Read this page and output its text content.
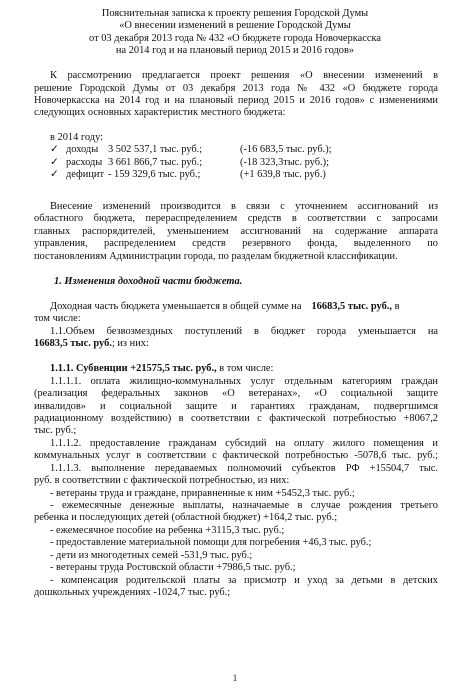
Пояснительная записка к проекту решения Городской Думы
«О внесении изменений в решение Городской Думы
от 03 декабря 2013 года № 432 «О бюджете города Новочеркасска
на 2014 год и на плановый период 2015 и 2016 годов»
К рассмотрению предлагается проект решения «О внесении изменений в
решение Городской Думы от 03 декабря 2013 года № 432 «О бюджете города
Новочеркасска на 2014 год и на плановый период 2015 и 2016 годов» с изменениями
следующих основных характеристик местного бюджета:
в 2014 году:
✓ доходы 3 502 537,1 тыс. руб.;	(-16 683,5 тыс. руб.);
✓ расходы 3 661 866,7 тыс. руб.;	(-18 323,3тыс. руб.);
✓ дефицит - 159 329,6 тыс. руб.;	(+1 639,8 тыс. руб.)
Внесение изменений производится в связи с уточнением ассигнований из
областного бюджета, перераспределением средств в соответствии с запросами
главных распорядителей, уменьшением ассигнований на содержание аппарата
управления, распределением средств резервного фонда, выделенного по
постановлениям Администрации города, по разделам бюджетной классификации.
1. Изменения доходной части бюджета.
Доходная часть бюджета уменьшается в общей сумме на 16683,5 тыс. руб., в
том числе:
1.1.Объем безвозмездных поступлений в бюджет города уменьшается на
16683,5 тыс. руб.; из них:
1.1.1. Субвенции +21575,5 тыс. руб., в том числе:
1.1.1.1. оплата жилищно-коммунальных услуг отдельным категориям граждан
(реализация федеральных законов «О ветеранах», «О социальной защите
инвалидов» и социальной защите и гарантиях гражданам, подвергшимся
радиационному воздействию) в соответствии с фактической потребностью +8067,2
тыс. руб.;
1.1.1.2. предоставление гражданам субсидий на оплату жилого помещения и
коммунальных услуг в соответствии с фактической потребностью -5078,6 тыс. руб.;
1.1.1.3. выполнение передаваемых полномочий субъектов РФ +15504,7 тыс.
руб. в соответствии с фактической потребностью, из них:
- ветераны труда и граждане, приравненные к ним +5452,3 тыс. руб.;
- ежемесячные денежные выплаты, назначаемые в случае рождения третьего
ребенка и последующих детей (областной бюджет) +164,2 тыс. руб.;
- ежемесячное пособие на ребенка +3115,3 тыс. руб.;
- предоставление материальной помощи для погребения +46,3 тыс. руб.;
- дети из многодетных семей -531,9 тыс. руб.;
- ветераны труда Ростовской области +7986,5 тыс. руб.;
- компенсация родительской платы за присмотр и уход за детьми в детских
дошкольных учреждениях -1024,7 тыс. руб.;
1
